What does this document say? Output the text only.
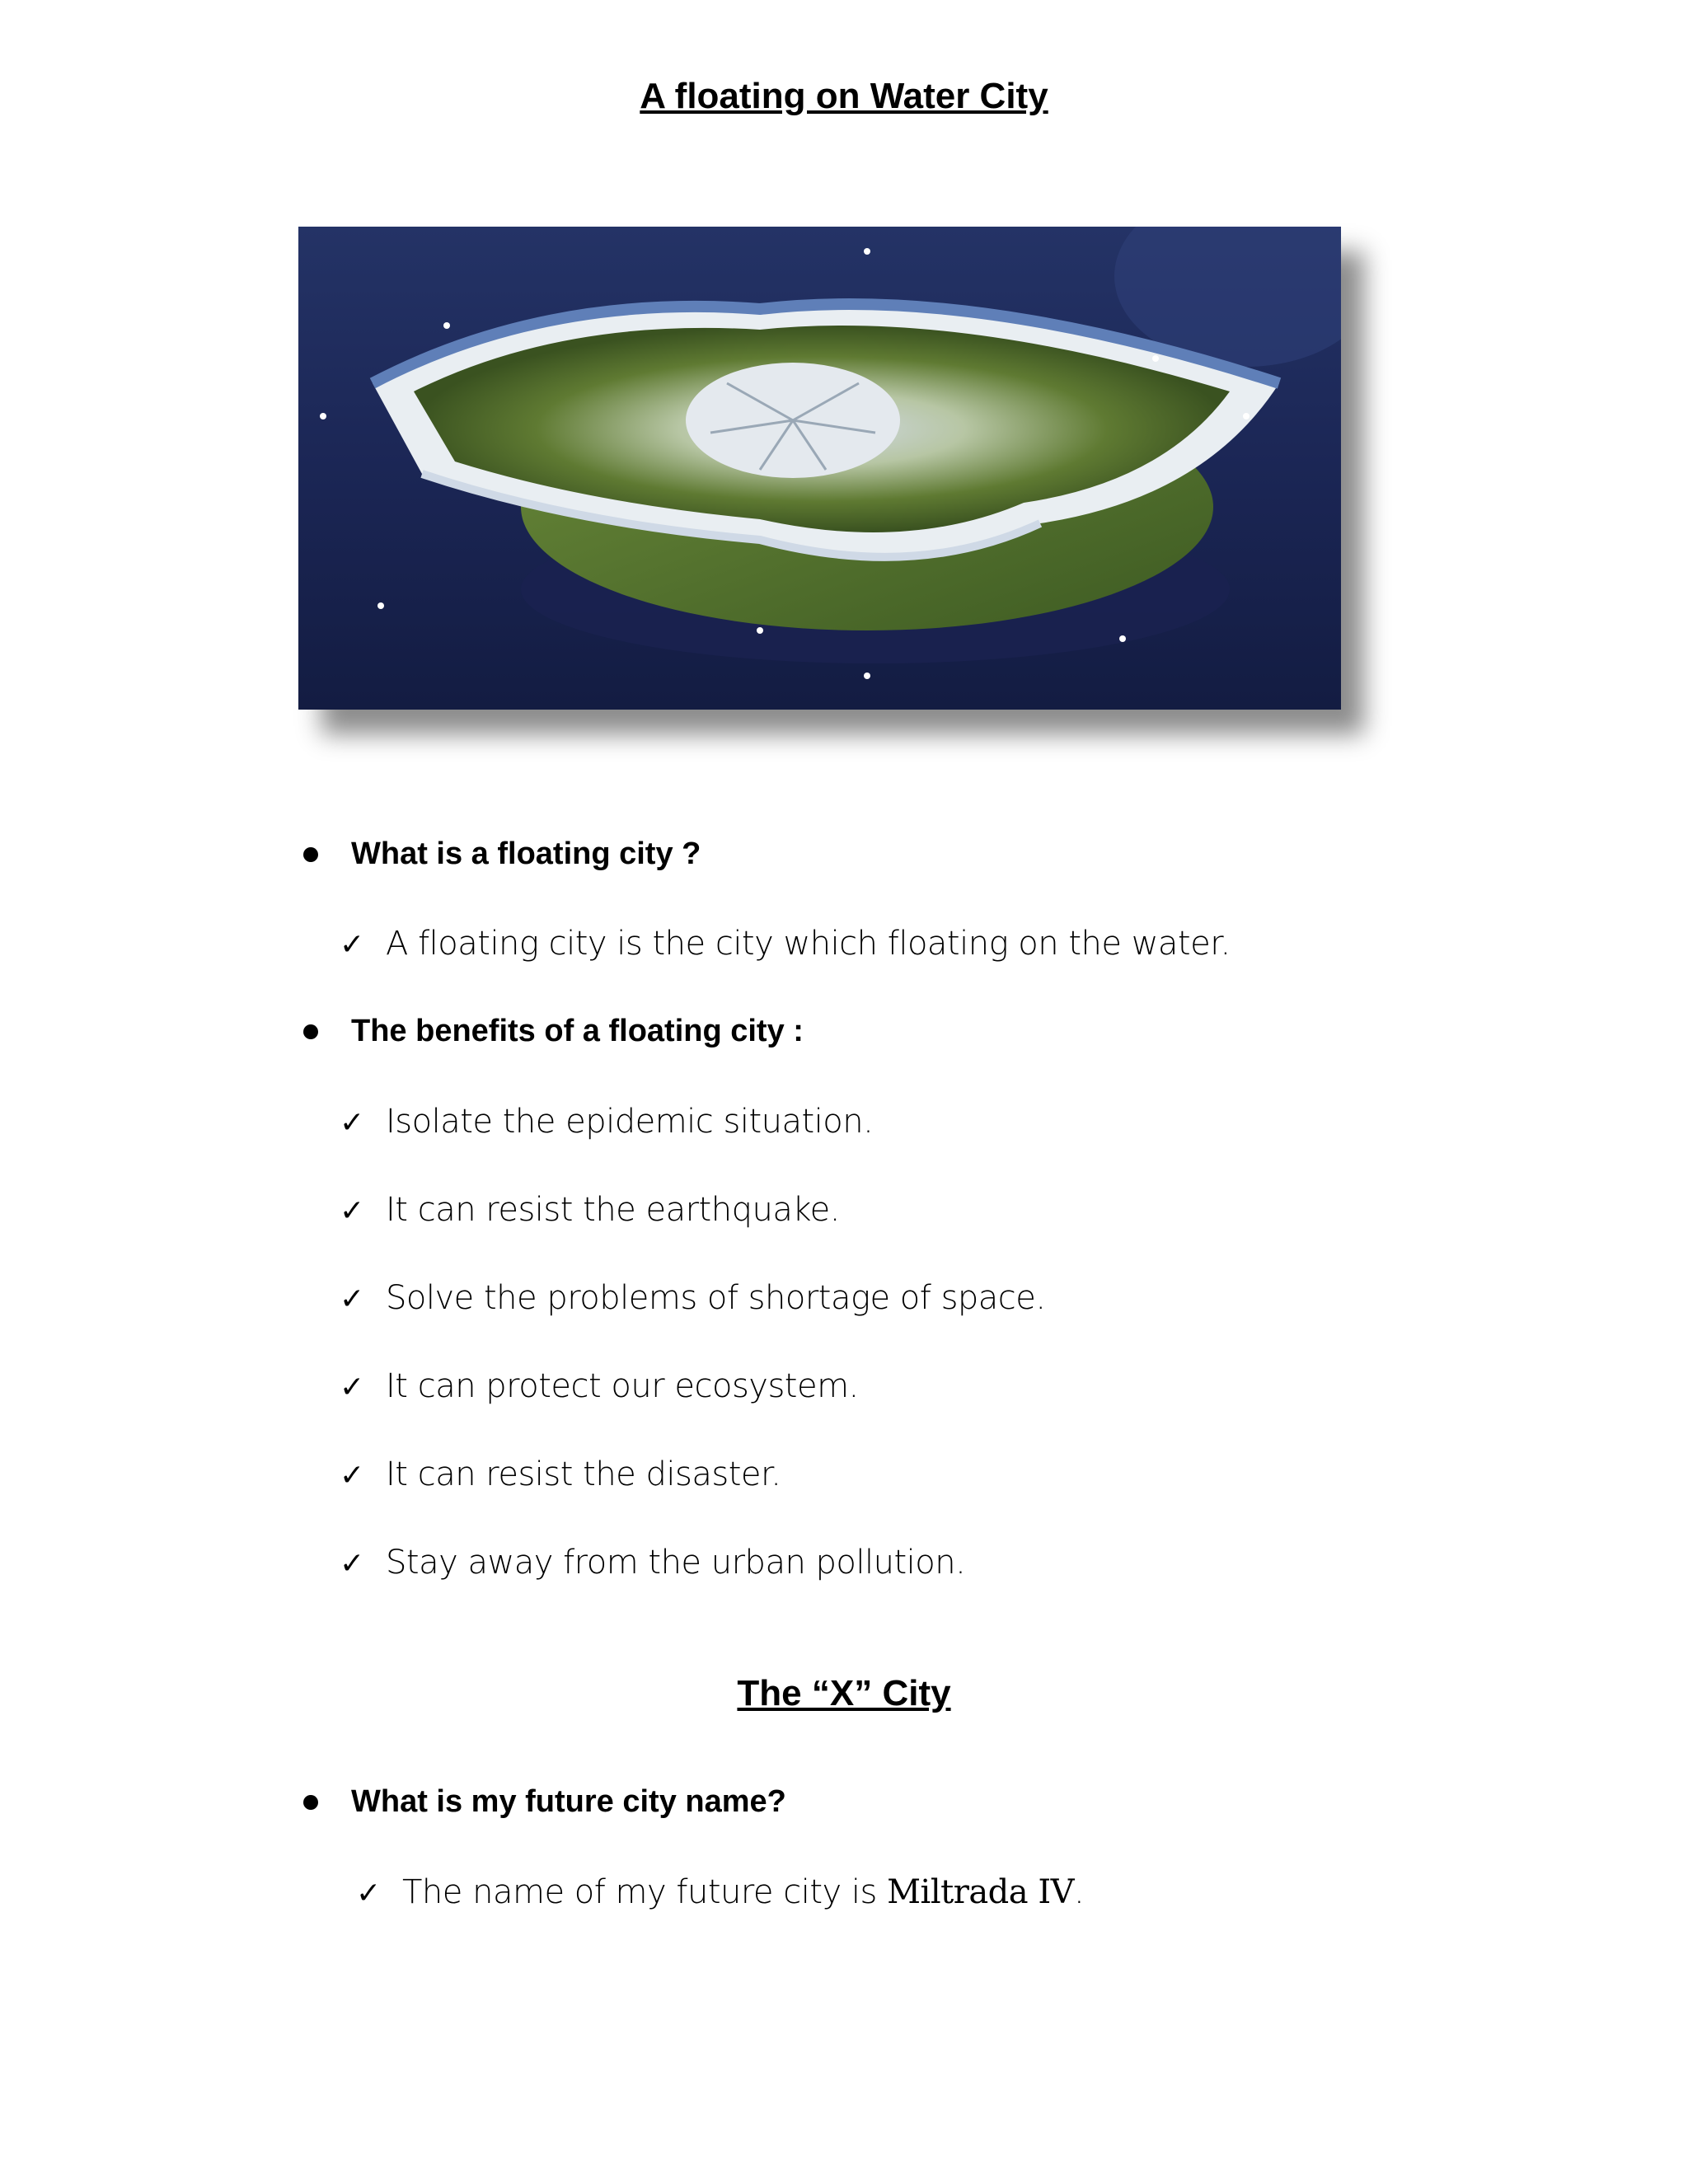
A floating on Water City
What is a floating city ?
✓ A floating city is the city which floating on the water.
The benefits of a floating city :
✓ Isolate the epidemic situation.
✓ It can resist the earthquake.
✓ Solve the problems of shortage of space.
✓ It can protect our ecosystem.
✓ It can resist the disaster.
✓ Stay away from the urban pollution.
The “X” City
What is my future city name?
✓ The name of my future city is Miltrada IV.
